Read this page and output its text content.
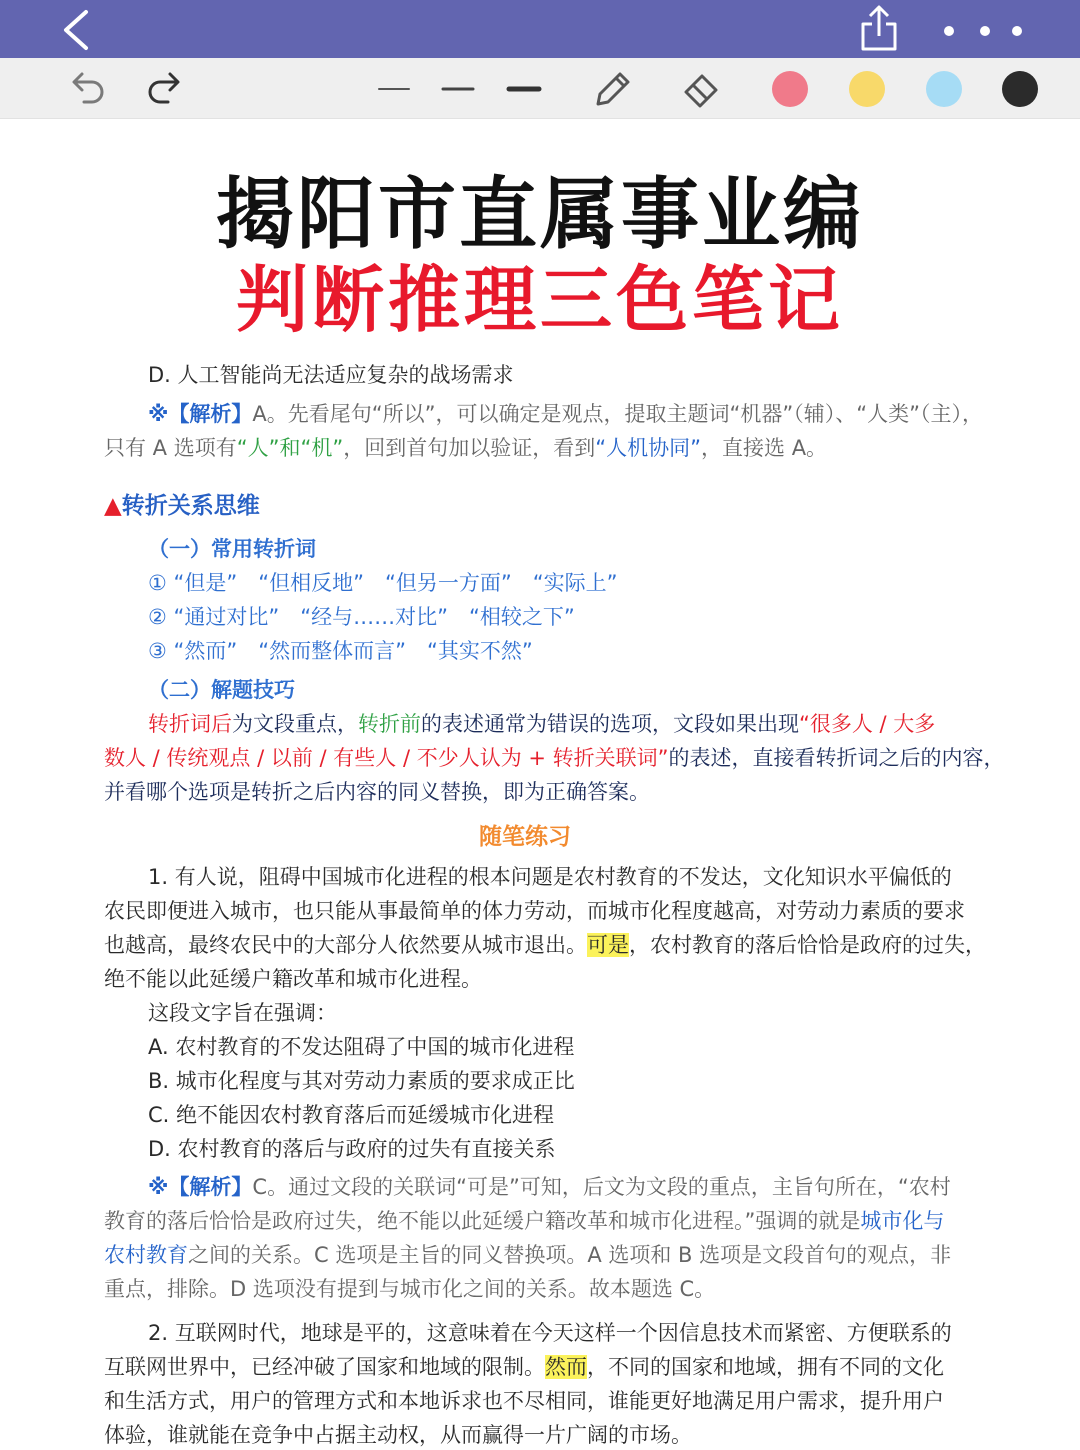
揭阳市直属事业编
判断推理三色笔记
D. 人工智能尚无法适应复杂的战场需求
※【解析】A。先看尾句“所以”，可以确定是观点，提取主题词“机器”（辅）、“人类”（主），
只有 A 选项有“人”和“机”，回到首句加以验证，看到“人机协同”，直接选 A。
▲转折关系思维
（一）常用转折词
① “但是”　“但相反地”　“但另一方面”　“实际上”
② “通过对比”　“经与……对比”　“相较之下”
③ “然而”　“然而整体而言”　“其实不然”
（二）解题技巧
转折词后为文段重点，转折前的表述通常为错误的选项，文段如果出现“很多人 / 大多
数人 / 传统观点 / 以前 / 有些人 / 不少人认为 + 转折关联词”的表述，直接看转折词之后的内容，
并看哪个选项是转折之后内容的同义替换，即为正确答案。
随笔练习
1. 有人说，阻碍中国城市化进程的根本问题是农村教育的不发达，文化知识水平偏低的
农民即便进入城市，也只能从事最简单的体力劳动，而城市化程度越高，对劳动力素质的要求
也越高，最终农民中的大部分人依然要从城市退出。可是，农村教育的落后恰恰是政府的过失，
绝不能以此延缓户籍改革和城市化进程。
这段文字旨在强调：
A. 农村教育的不发达阻碍了中国的城市化进程
B. 城市化程度与其对劳动力素质的要求成正比
C. 绝不能因农村教育落后而延缓城市化进程
D. 农村教育的落后与政府的过失有直接关系
※【解析】C。通过文段的关联词“可是”可知，后文为文段的重点，主旨句所在，“农村
教育的落后恰恰是政府过失，绝不能以此延缓户籍改革和城市化进程。”强调的就是城市化与
农村教育之间的关系。C 选项是主旨的同义替换项。A 选项和 B 选项是文段首句的观点，非
重点，排除。D 选项没有提到与城市化之间的关系。故本题选 C。
2. 互联网时代，地球是平的，这意味着在今天这样一个因信息技术而紧密、方便联系的
互联网世界中，已经冲破了国家和地域的限制。然而，不同的国家和地域，拥有不同的文化
和生活方式，用户的管理方式和本地诉求也不尽相同，谁能更好地满足用户需求，提升用户
体验，谁就能在竞争中占据主动权，从而赢得一片广阔的市场。
